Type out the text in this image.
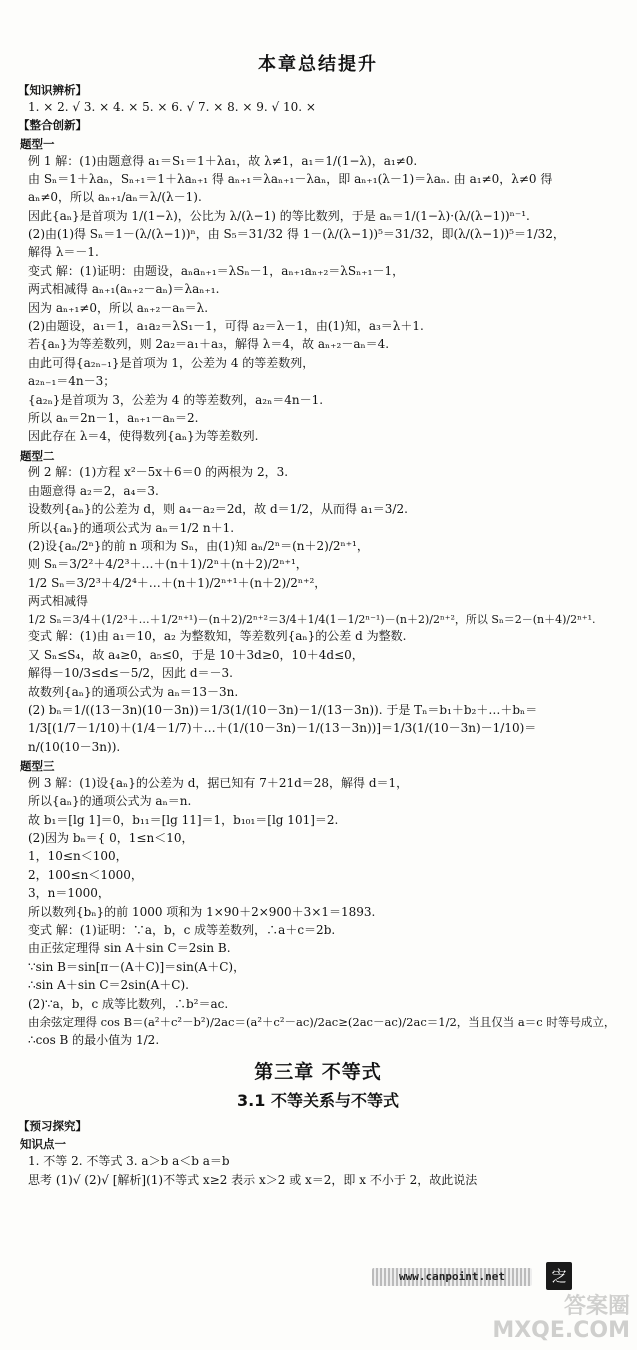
本章总结提升
【知识辨析】
1. × 2. √ 3. × 4. × 5. × 6. √ 7. × 8. × 9. √ 10. ×
【整合创新】
题型一
例 1 解：(1)由题意得 a₁＝S₁＝1＋λa₁，故 λ≠1，a₁＝1/(1−λ)，a₁≠0.
由 Sₙ＝1＋λaₙ，Sₙ₊₁＝1＋λaₙ₊₁ 得 aₙ₊₁＝λaₙ₊₁－λaₙ，即 aₙ₊₁(λ－1)＝λaₙ. 由 a₁≠0，λ≠0 得
aₙ≠0，所以 aₙ₊₁/aₙ＝λ/(λ－1).
因此{aₙ}是首项为 1/(1−λ)，公比为 λ/(λ−1) 的等比数列，于是 aₙ＝1/(1−λ)·(λ/(λ−1))ⁿ⁻¹.
(2)由(1)得 Sₙ＝1－(λ/(λ−1))ⁿ，由 S₅＝31/32 得 1－(λ/(λ−1))⁵＝31/32，即(λ/(λ−1))⁵＝1/32，
解得 λ＝－1.
变式 解：(1)证明：由题设，aₙaₙ₊₁＝λSₙ－1，aₙ₊₁aₙ₊₂＝λSₙ₊₁－1，
两式相减得 aₙ₊₁(aₙ₊₂－aₙ)＝λaₙ₊₁.
因为 aₙ₊₁≠0，所以 aₙ₊₂－aₙ＝λ.
(2)由题设，a₁＝1，a₁a₂＝λS₁－1，可得 a₂＝λ－1，由(1)知，a₃＝λ＋1.
若{aₙ}为等差数列，则 2a₂＝a₁＋a₃，解得 λ＝4，故 aₙ₊₂－aₙ＝4.
由此可得{a₂ₙ₋₁}是首项为 1，公差为 4 的等差数列，
a₂ₙ₋₁＝4n－3；
{a₂ₙ}是首项为 3，公差为 4 的等差数列，a₂ₙ＝4n－1.
所以 aₙ＝2n－1，aₙ₊₁－aₙ＝2.
因此存在 λ＝4，使得数列{aₙ}为等差数列.
题型二
例 2 解：(1)方程 x²－5x＋6＝0 的两根为 2，3.
由题意得 a₂＝2，a₄＝3.
设数列{aₙ}的公差为 d，则 a₄－a₂＝2d，故 d＝1/2，从而得 a₁＝3/2.
所以{aₙ}的通项公式为 aₙ＝1/2 n＋1.
(2)设{aₙ/2ⁿ}的前 n 项和为 Sₙ，由(1)知 aₙ/2ⁿ＝(n＋2)/2ⁿ⁺¹，
则 Sₙ＝3/2²＋4/2³＋…＋(n＋1)/2ⁿ＋(n＋2)/2ⁿ⁺¹，
1/2 Sₙ＝3/2³＋4/2⁴＋…＋(n＋1)/2ⁿ⁺¹＋(n＋2)/2ⁿ⁺²，
两式相减得
1/2 Sₙ＝3/4＋(1/2³＋…＋1/2ⁿ⁺¹)－(n＋2)/2ⁿ⁺²＝3/4＋1/4(1－1/2ⁿ⁻¹)－(n＋2)/2ⁿ⁺²，所以 Sₙ＝2－(n＋4)/2ⁿ⁺¹.
变式 解：(1)由 a₁＝10，a₂ 为整数知，等差数列{aₙ}的公差 d 为整数.
又 Sₙ≤S₄，故 a₄≥0，a₅≤0，于是 10＋3d≥0，10＋4d≤0，
解得－10/3≤d≤－5/2，因此 d＝－3.
故数列{aₙ}的通项公式为 aₙ＝13－3n.
(2) bₙ＝1/((13－3n)(10－3n))＝1/3(1/(10－3n)－1/(13－3n)). 于是 Tₙ＝b₁＋b₂＋…＋bₙ＝
1/3[(1/7－1/10)＋(1/4－1/7)＋…＋(1/(10－3n)－1/(13－3n))]＝1/3(1/(10－3n)－1/10)＝
n/(10(10－3n)).
题型三
例 3 解：(1)设{aₙ}的公差为 d，据已知有 7＋21d＝28，解得 d＝1，
所以{aₙ}的通项公式为 aₙ＝n.
故 b₁＝[lg 1]＝0，b₁₁＝[lg 11]＝1，b₁₀₁＝[lg 101]＝2.
(2)因为 bₙ＝{ 0，1≤n＜10，
1，10≤n＜100，
2，100≤n＜1000，
3，n＝1000，
所以数列{bₙ}的前 1000 项和为 1×90＋2×900＋3×1＝1893.
变式 解：(1)证明：∵a，b，c 成等差数列，∴a＋c＝2b.
由正弦定理得 sin A＋sin C＝2sin B.
∵sin B＝sin[π－(A＋C)]＝sin(A＋C)，
∴sin A＋sin C＝2sin(A＋C).
(2)∵a，b，c 成等比数列，∴b²＝ac.
由余弦定理得 cos B＝(a²＋c²－b²)/2ac＝(a²＋c²－ac)/2ac≥(2ac－ac)/2ac＝1/2，当且仅当 a＝c 时等号成立，
∴cos B 的最小值为 1/2.
第三章 不等式
3.1 不等关系与不等式
【预习探究】
知识点一
1. 不等 2. 不等式 3. a＞b a＜b a＝b
思考 (1)√ (2)√ [解析](1)不等式 x≥2 表示 x＞2 或 x＝2，即 x 不小于 2，故此说法
www.canpoint.net	㝎
答案圈 MXQE.COM
